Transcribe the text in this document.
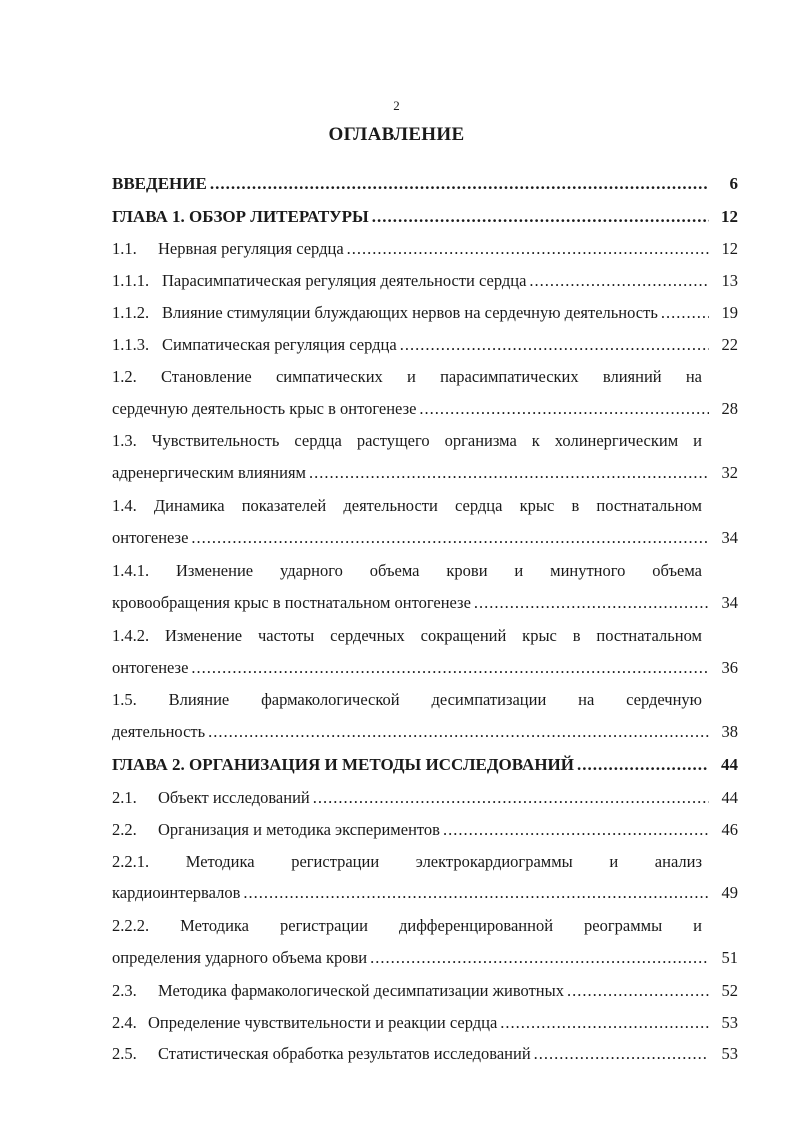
2
ОГЛАВЛЕНИЕ
ВВЕДЕНИЕ .....	6
ГЛАВА 1. ОБЗОР ЛИТЕРАТУРЫ .....	12
1.1.	Нервная регуляция сердца .....	12
1.1.1. Парасимпатическая регуляция деятельности сердца .....	13
1.1.2. Влияние стимуляции блуждающих нервов на сердечную деятельность .....	19
1.1.3. Симпатическая регуляция сердца .....	22
1.2. Становление симпатических и парасимпатических влияний на
сердечную деятельность крыс в онтогенезе .....	28
1.3. Чувствительность сердца растущего организма к холинергическим и
адренергическим влияниям .....	32
1.4. Динамика показателей деятельности сердца крыс в постнатальном
онтогенезе .....	34
1.4.1. Изменение ударного объема крови и минутного объема
кровообращения крыс в постнатальном онтогенезе .....	34
1.4.2. Изменение частоты сердечных сокращений крыс в постнатальном
онтогенезе .....	36
1.5. Влияние фармакологической десимпатизации на сердечную
деятельность .....	38
ГЛАВА 2. ОРГАНИЗАЦИЯ И МЕТОДЫ ИССЛЕДОВАНИЙ .....	44
2.1.	Объект исследований .....	44
2.2.	Организация и методика экспериментов .....	46
2.2.1. Методика регистрации электрокардиограммы и анализ
кардиоинтервалов .....	49
2.2.2. Методика регистрации дифференцированной реограммы и
определения ударного объема крови .....	51
2.3.	Методика фармакологической десимпатизации животных .....	52
2.4. Определение чувствительности и реакции сердца .....	53
2.5.	Статистическая обработка результатов исследований .....	53
